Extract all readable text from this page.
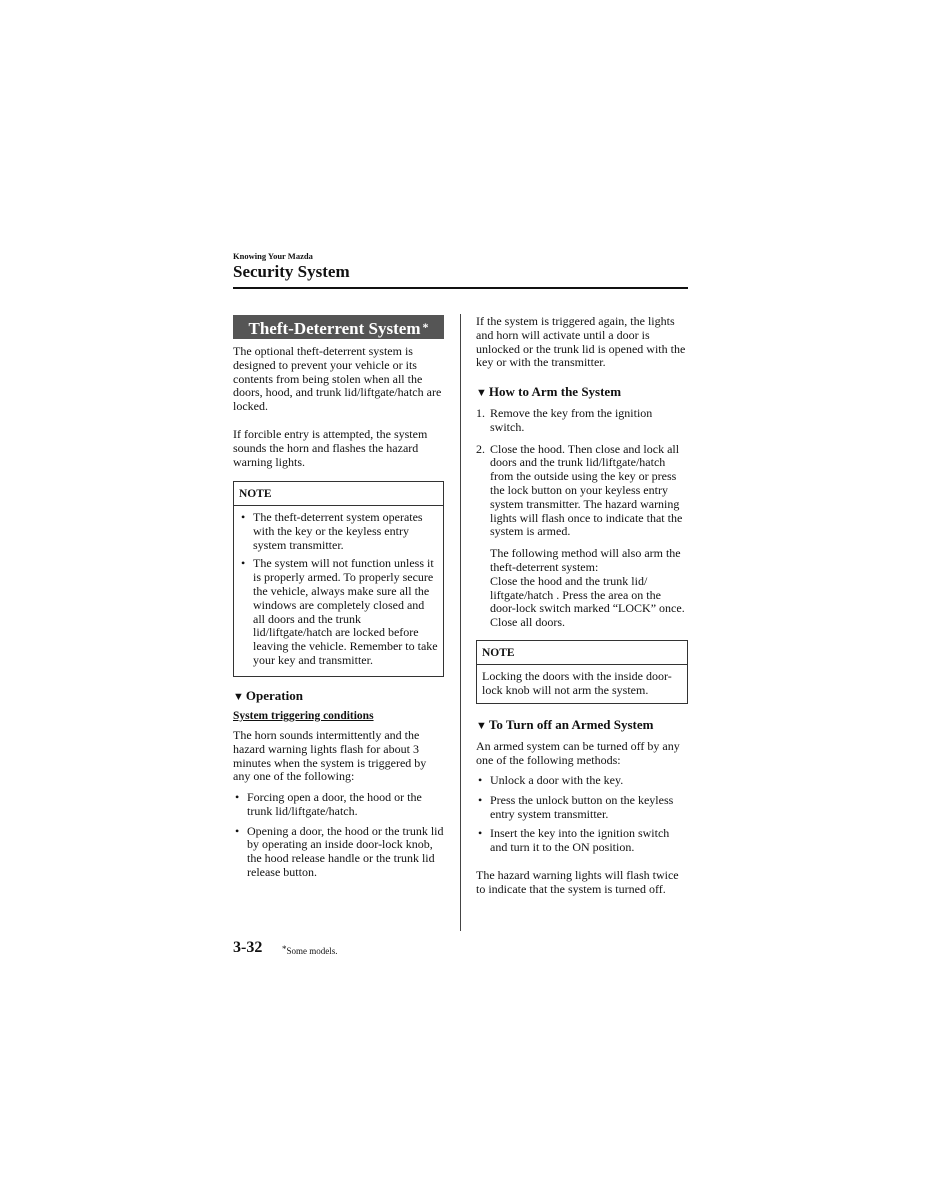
Knowing Your Mazda
Security System
Theft-Deterrent System *

The optional theft-deterrent system is designed to prevent your vehicle or its contents from being stolen when all the doors, hood, and trunk lid/liftgate/hatch are locked.

If forcible entry is attempted, the system sounds the horn and flashes the hazard warning lights.

NOTE
• The theft-deterrent system operates with the key or the keyless entry system transmitter.
• The system will not function unless it is properly armed. To properly secure the vehicle, always make sure all the windows are completely closed and all doors and the trunk lid/liftgate/hatch are locked before leaving the vehicle. Remember to take your key and transmitter.
▼ Operation
System triggering conditions

The horn sounds intermittently and the hazard warning lights flash for about 3 minutes when the system is triggered by any one of the following:

• Forcing open a door, the hood or the trunk lid/liftgate/hatch.
• Opening a door, the hood or the trunk lid by operating an inside door-lock knob, the hood release handle or the trunk lid release button.

If the system is triggered again, the lights and horn will activate until a door is unlocked or the trunk lid is opened with the key or with the transmitter.

▼ How to Arm the System
1. Remove the key from the ignition switch.
2. Close the hood. Then close and lock all doors and the trunk lid/liftgate/hatch from the outside using the key or press the lock button on your keyless entry system transmitter. The hazard warning lights will flash once to indicate that the system is armed.
The following method will also arm the theft-deterrent system:
Close the hood and the trunk lid/ liftgate/hatch . Press the area on the door-lock switch marked “LOCK” once. Close all doors.
NOTE
Locking the doors with the inside door-lock knob will not arm the system.
▼ To Turn off an Armed System

An armed system can be turned off by any one of the following methods:

• Unlock a door with the key.
• Press the unlock button on the keyless entry system transmitter.
• Insert the key into the ignition switch and turn it to the ON position.

The hazard warning lights will flash twice to indicate that the system is turned off.

3-32 *Some models.
